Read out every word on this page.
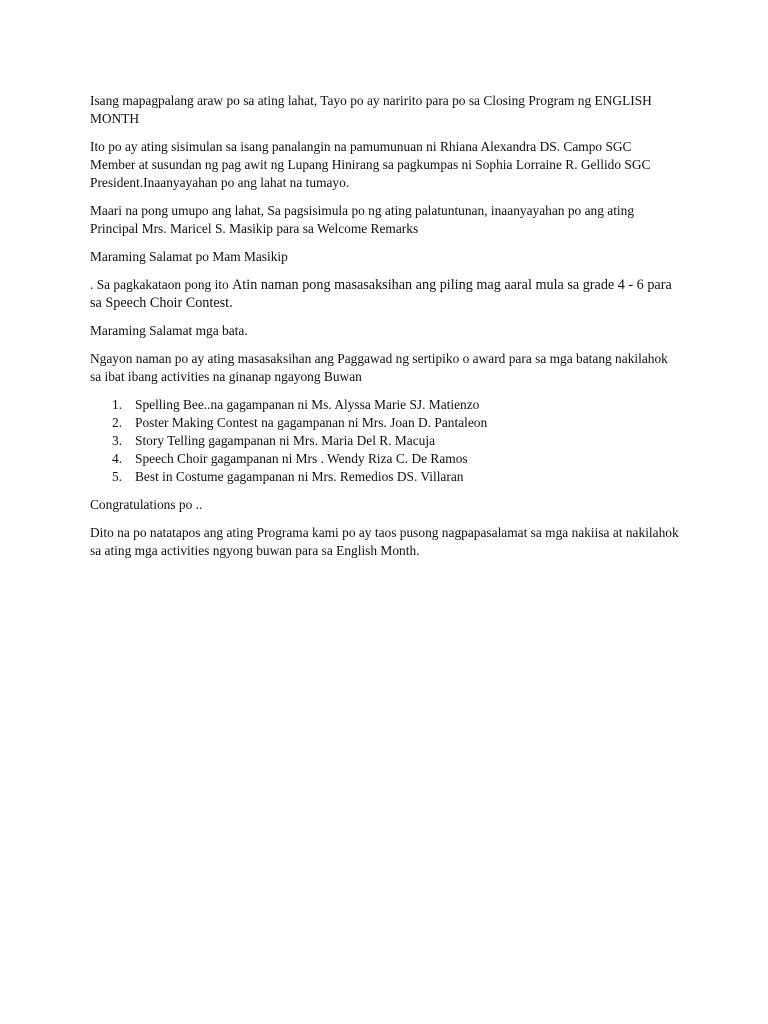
Isang mapagpalang araw po sa ating lahat, Tayo po ay naririto para po sa Closing Program ng ENGLISH MONTH

Ito po ay ating sisimulan sa isang panalangin na pamumunuan ni Rhiana Alexandra DS. Campo SGC Member at susundan ng pag awit ng Lupang Hinirang sa pagkumpas ni Sophia Lorraine R. Gellido SGC President.Inaanyayahan po ang lahat na tumayo.

Maari na pong umupo ang lahat, Sa pagsisimula po ng ating palatuntunan, inaanyayahan po ang ating Principal Mrs. Maricel S. Masikip para sa Welcome Remarks

Maraming Salamat po Mam Masikip

. Sa pagkakataon pong ito Atin naman pong masasaksihan ang piling mag aaral mula sa grade 4 - 6 para sa Speech Choir Contest.

Maraming Salamat mga bata.

Ngayon naman po ay ating masasaksihan ang Paggawad ng sertipiko o award para sa mga batang nakilahok sa ibat ibang activities na ginanap ngayong Buwan

1. Spelling Bee..na gagampanan ni Ms. Alyssa Marie SJ. Matienzo
2. Poster Making Contest na gagampanan ni Mrs. Joan D. Pantaleon
3. Story Telling gagampanan ni Mrs. Maria Del R. Macuja
4. Speech Choir gagampanan ni Mrs . Wendy Riza C. De Ramos
5. Best in Costume gagampanan ni Mrs. Remedios DS. Villaran

Congratulations po ..

Dito na po natatapos ang ating Programa kami po ay taos pusong nagpapasalamat sa mga nakiisa at nakilahok sa ating mga activities ngyong buwan para sa English Month.
